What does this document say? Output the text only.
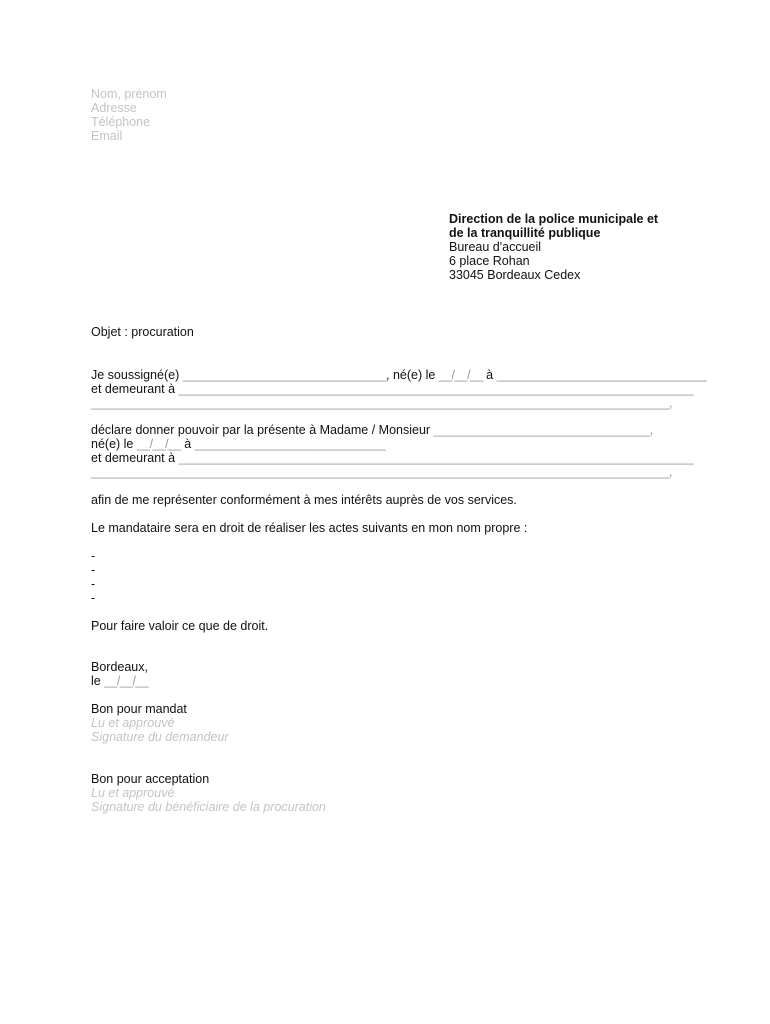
Nom, prénom
Adresse
Téléphone
Email
Direction de la police municipale et
de la tranquillité publique
Bureau d'accueil
6 place Rohan
33045 Bordeaux Cedex
Objet : procuration
Je soussigné(e) ________________________________, né(e) le __/__/__ à _________________________________
et demeurant à _________________________________________________________________________________
___________________________________________________________________________________________,
déclare donner pouvoir par la présente à Madame / Monsieur __________________________________,
né(e) le __/__/__ à ______________________________
et demeurant à _________________________________________________________________________________
___________________________________________________________________________________________,
afin de me représenter conformément à mes intérêts auprès de vos services.
Le mandataire sera en droit de réaliser les actes suivants en mon nom propre :
-
-
-
-
Pour faire valoir ce que de droit.
Bordeaux,
le __/__/__
Bon pour mandat
Lu et approuvé
Signature du demandeur
Bon pour acceptation
Lu et approuvé
Signature du bénéficiaire de la procuration
